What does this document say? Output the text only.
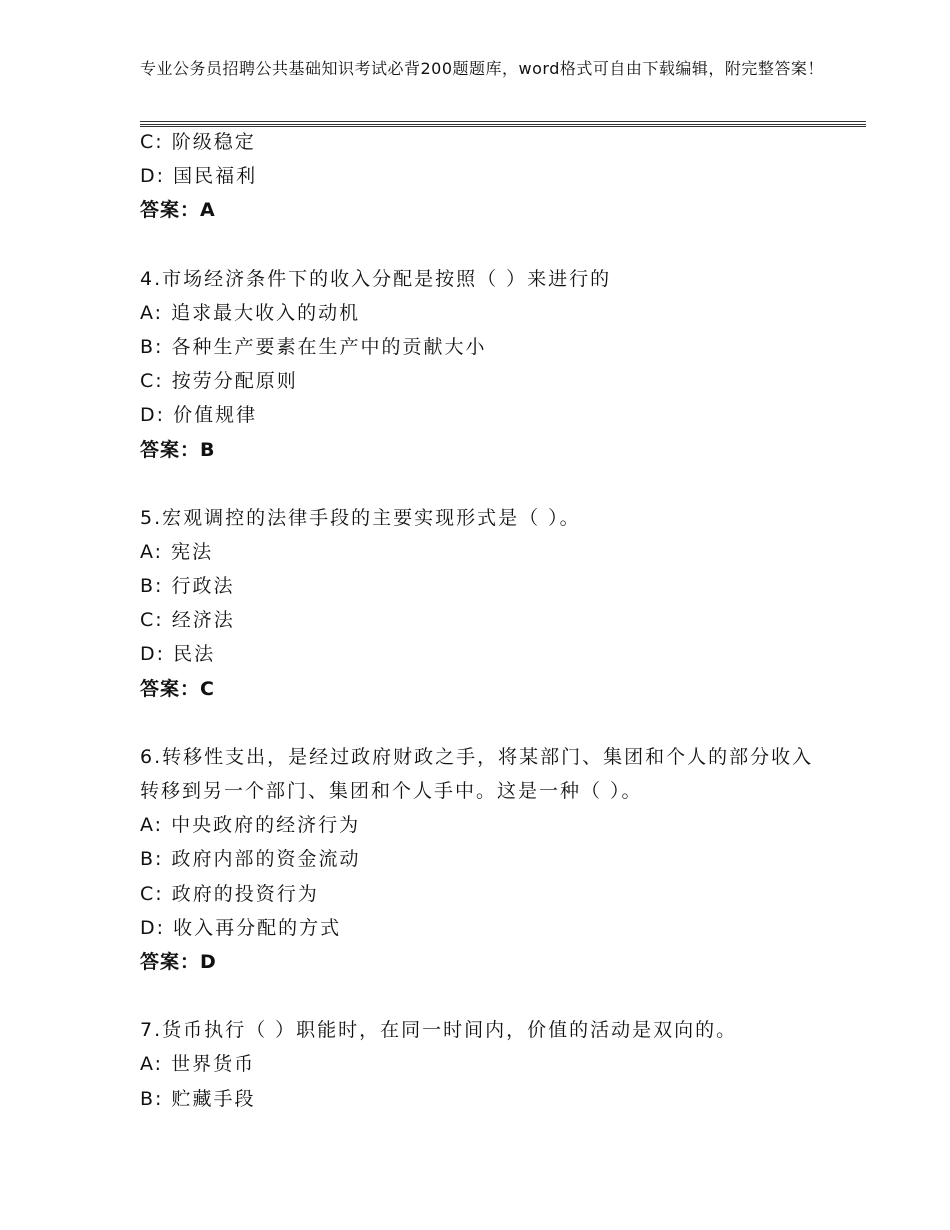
专业公务员招聘公共基础知识考试必背200题题库，word格式可自由下载编辑，附完整答案！
C: 阶级稳定
D: 国民福利
答案：A
4.市场经济条件下的收入分配是按照（ ）来进行的
A: 追求最大收入的动机
B: 各种生产要素在生产中的贡献大小
C: 按劳分配原则
D: 价值规律
答案：B
5.宏观调控的法律手段的主要实现形式是（ ）。
A: 宪法
B: 行政法
C: 经济法
D: 民法
答案：C
6.转移性支出，是经过政府财政之手，将某部门、集团和个人的部分收入转移到另一个部门、集团和个人手中。这是一种（ ）。
A: 中央政府的经济行为
B: 政府内部的资金流动
C: 政府的投资行为
D: 收入再分配的方式
答案：D
7.货币执行（ ）职能时，在同一时间内，价值的活动是双向的。
A: 世界货币
B: 贮藏手段
